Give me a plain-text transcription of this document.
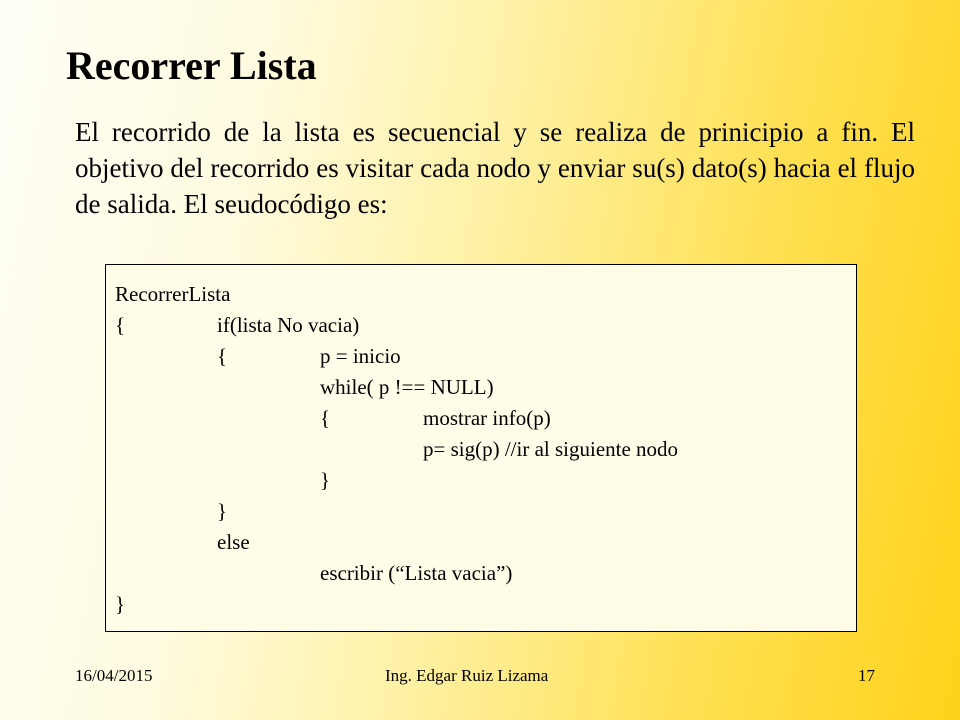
Recorrer Lista
El recorrido de la lista es secuencial y se realiza de prinicipio a fin. El objetivo del recorrido es visitar cada nodo y enviar su(s) dato(s) hacia el flujo de salida. El seudocódigo es:
RecorrerLista
{	if(lista No vacia)
{	p = inicio
while( p !== NULL)
{	mostrar info(p)
p= sig(p) //ir al siguiente nodo
}
}
else
escribir (“Lista vacia”)
}
16/04/2015	Ing. Edgar Ruiz Lizama	17
